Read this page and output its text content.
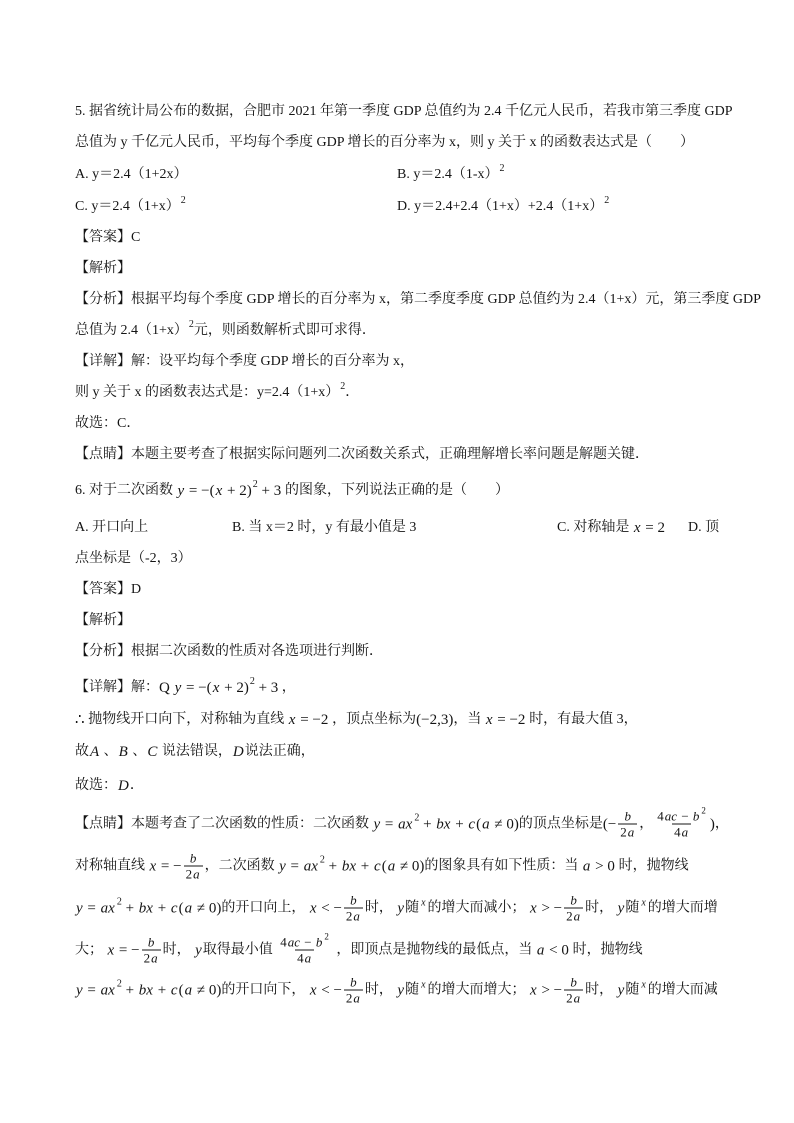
5. 据省统计局公布的数据，合肥市 2021 年第一季度 GDP 总值约为 2.4 千亿元人民币，若我市第三季度 GDP
总值为 y 千亿元人民币，平均每个季度 GDP 增长的百分率为 x，则 y 关于 x 的函数表达式是（　　）
A. y＝2.4（1+2x）	B. y＝2.4（1-x） 2
C. y＝2.4（1+x） 2	D. y＝2.4+2.4（1+x）+2.4（1+x） 2
【答案】C
【解析】
【分析】根据平均每个季度 GDP 增长的百分率为 x，第二季度季度 GDP 总值约为 2.4（1+x）元，第三季度 GDP
总值为 2.4（1+x） 2 元，则函数解析式即可求得．
【详解】解：设平均每个季度 GDP 增长的百分率为 x，
则 y 关于 x 的函数表达式是：y=2.4（1+x） 2 ．
故选：C．
【点睛】本题主要考查了根据实际问题列二次函数关系式，正确理解增长率问题是解题关键．
6. 对于二次函数 y = −( x + 2) 2 + 3 的图象，下列说法正确的是（　　）
A. 开口向上	B. 当 x＝2 时，y 有最小值是 3	C. 对称轴是 x = 2 D. 顶
点坐标是（-2，3）
【答案】D
【解析】
【分析】根据二次函数的性质对各选项进行判断．
【详解】解： Q y = −( x + 2) 2 + 3 ，
∴ 抛物线开口向下，对称轴为直线 x = −2 ，顶点坐标为 (−2,3) ，当 x = −2 时，有最大值 3，
故 A 、 B 、 C 说法错误， D 说法正确，
故选： D ．
【点睛】本题考查了二次函数的性质：二次函数 y = ax 2 + bx + c ( a ≠ 0) 的顶点坐标是 (− $\frac{b}{2 a}$ ， $\frac{4 ac - b 2}{4 a}$ ) ，
对称轴直线 x = − $\frac{b}{2 a}$ ，二次函数 y = ax 2 + bx + c ( a ≠ 0) 的图象具有如下性质：当 a > 0 时，抛物线
y = ax 2 + bx + c ( a ≠ 0) 的开口向上， x < − $\frac{b}{2 a}$ 时， y 随 x 的增大而减小； x > − $\frac{b}{2 a}$ 时， y 随 x 的增大而增
大； x = − $\frac{b}{2 a}$ 时， y 取得最小值 $\frac{4 ac - b 2}{4 a}$ ，即顶点是抛物线的最低点，当 a < 0 时，抛物线
y = ax 2 + bx + c ( a ≠ 0) 的开口向下， x < − $\frac{b}{2 a}$ 时， y 随 x 的增大而增大； x > − $\frac{b}{2 a}$ 时， y 随 x 的增大而减
